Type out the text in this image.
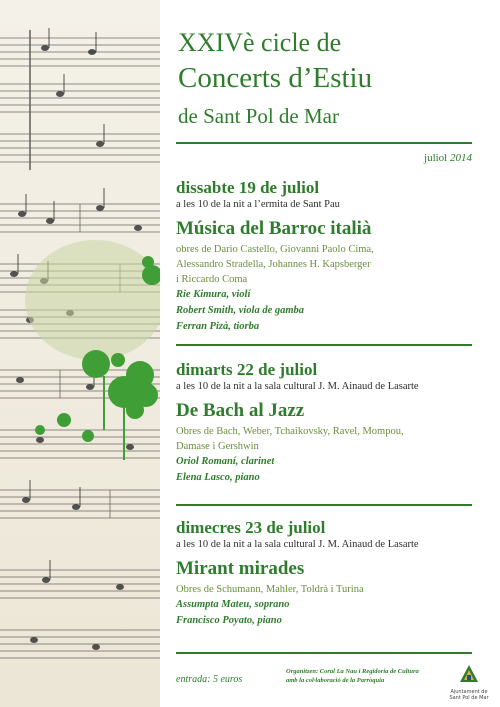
XXIVè cicle de
Concerts d’Estiu
de Sant Pol de Mar
juliol 2014
dissabte 19 de juliol
a les 10 de la nit a l’ermita de Sant Pau
Música del Barroc italià
obres de Dario Castello, Giovanni Paolo Cima,
Alessandro Stradella, Johannes H. Kapsberger
i Riccardo Coma
Rie Kimura, violí
Robert Smith, viola de gamba
Ferran Pizà, tiorba
dimarts 22 de juliol
a les 10 de la nit a la sala cultural J. M. Ainaud de Lasarte
De Bach al Jazz
Obres de Bach, Weber, Tchaikovsky, Ravel, Mompou,
Damase i Gershwin
Oriol Romaní, clarinet
Elena Lasco, piano
dimecres 23 de juliol
a les 10 de la nit a la sala cultural J. M. Ainaud de Lasarte
Mirant mirades
Obres de Schumann, Mahler, Toldrà i Turina
Assumpta Mateu, soprano
Francisco Poyato, piano
entrada: 5 euros
Organitzen: Coral La Nau i Regidoria de Cultura
amb la col·laboració de la Parròquia
Ajuntament de
Sant Pol de Mar
